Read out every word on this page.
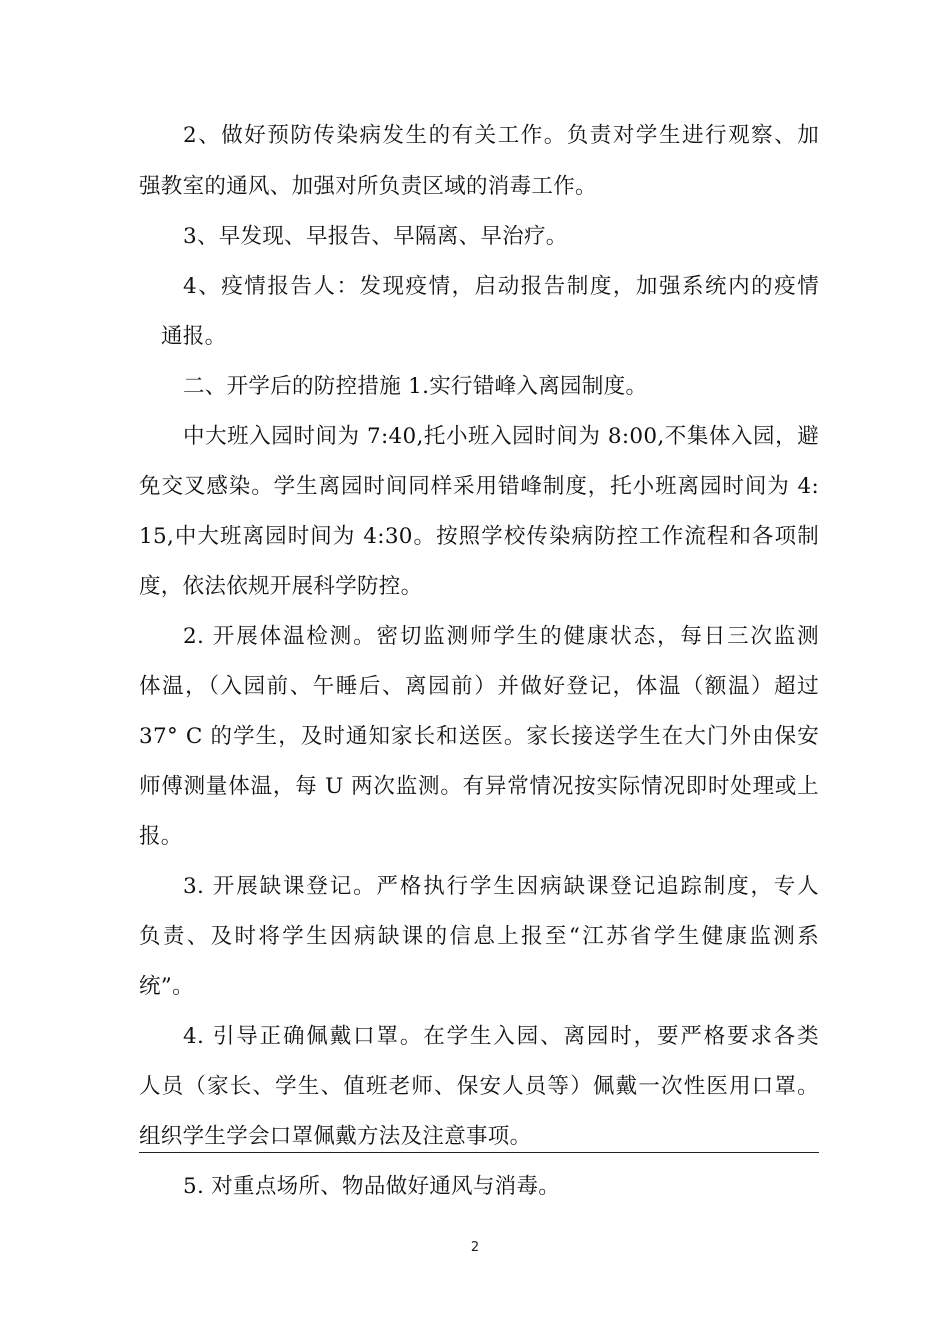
2、做好预防传染病发生的有关工作。负责对学生进行观察、加
强教室的通风、加强对所负责区域的消毒工作。
3、早发现、早报告、早隔离、早治疗。
4、疫情报告人：发现疫情，启动报告制度，加强系统内的疫情
通报。
二、开学后的防控措施 1.实行错峰入离园制度。
中大班入园时间为 7:40,托小班入园时间为 8:00,不集体入园，避
免交叉感染。学生离园时间同样采用错峰制度，托小班离园时间为 4:
15,中大班离园时间为 4:30。按照学校传染病防控工作流程和各项制
度，依法依规开展科学防控。
2. 开展体温检测。密切监测师学生的健康状态，每日三次监测
体温，（入园前、午睡后、离园前）并做好登记，体温（额温）超过
37° C 的学生，及时通知家长和送医。家长接送学生在大门外由保安
师傅测量体温，每 U 两次监测。有异常情况按实际情况即时处理或上
报。
3. 开展缺课登记。严格执行学生因病缺课登记追踪制度，专人
负责、及时将学生因病缺课的信息上报至“江苏省学生健康监测系
统”。
4. 引导正确佩戴口罩。在学生入园、离园时，要严格要求各类
人员（家长、学生、值班老师、保安人员等）佩戴一次性医用口罩。
组织学生学会口罩佩戴方法及注意事项。
5. 对重点场所、物品做好通风与消毒。
2
